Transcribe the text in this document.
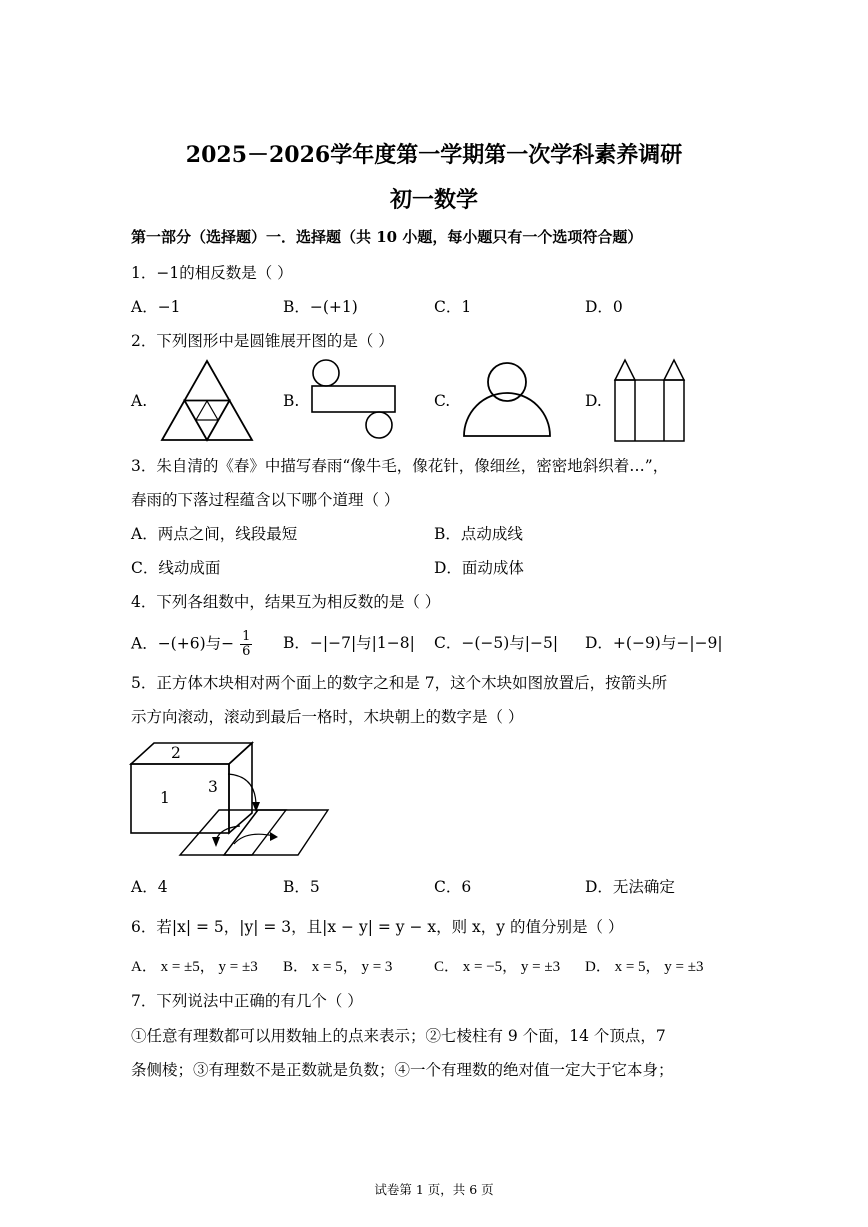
2025－2026学年度第一学期第一次学科素养调研
初一数学
第一部分（选择题）一．选择题（共 10 小题，每小题只有一个选项符合题）
1．−1的相反数是（ ）
A．−1	B．−(+1)	C．1	D．0
2．下列图形中是圆锥展开图的是（ ）
A.	B.	C.	D.
3．朱自清的《春》中描写春雨“像牛毛，像花针，像细丝，密密地斜织着…”，
春雨的下落过程蕴含以下哪个道理（ ）
A．两点之间，线段最短	B．点动成线
C．线动成面	D．面动成体
4．下列各组数中，结果互为相反数的是（ ）
A．−(+6)与− $\frac{1}{6}$ B．−|−7|与|1−8| C．−(−5)与|−5| D．+(−9)与−|−9|
5．正方体木块相对两个面上的数字之和是 7，这个木块如图放置后，按箭头所
示方向滚动，滚动到最后一格时，木块朝上的数字是（ ）
2
1
3
A．4	B．5	C．6	D．无法确定
6．若|x| = 5，|y| = 3，且|x − y| = y − x，则 x，y 的值分别是（ ）
A． x = ±5， y = ±3 B． x = 5， y = 3	C． x = −5， y = ±3 D． x = 5， y = ±3
7．下列说法中正确的有几个（ ）
①任意有理数都可以用数轴上的点来表示；②七棱柱有 9 个面，14 个顶点，7
条侧棱；③有理数不是正数就是负数；④一个有理数的绝对值一定大于它本身；
试卷第 1 页，共 6 页
